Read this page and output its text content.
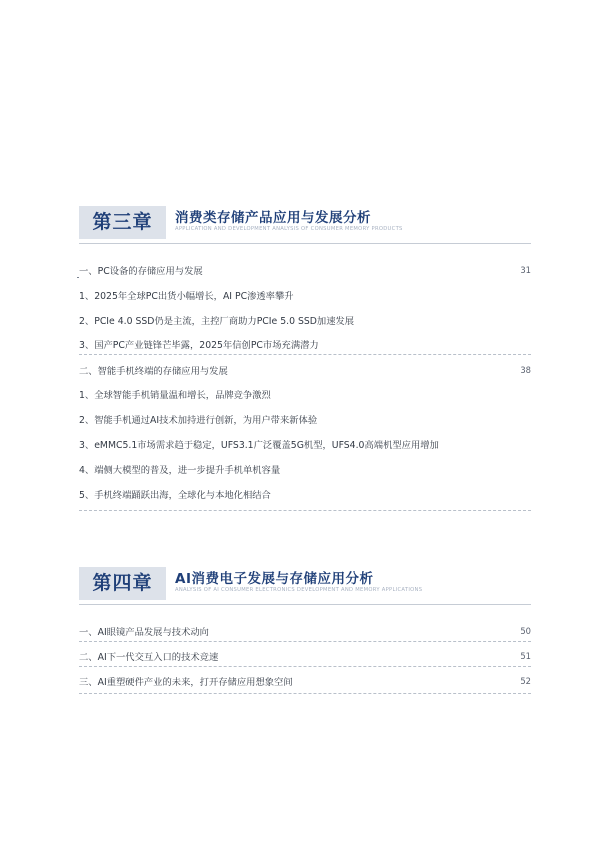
第三章	消费类存储产品应用与发展分析
APPLICATION AND DEVELOPMENT ANALYSIS OF CONSUMER MEMORY PRODUCTS
一、PC设备的存储应用与发展	31
1、2025年全球PC出货小幅增长，AI PC渗透率攀升
2、PCIe 4.0 SSD仍是主流，主控厂商助力PCIe 5.0 SSD加速发展
3、国产PC产业链锋芒毕露，2025年信创PC市场充满潜力
二、智能手机终端的存储应用与发展	38
1、全球智能手机销量温和增长，品牌竞争激烈
2、智能手机通过AI技术加持进行创新，为用户带来新体验
3、eMMC5.1市场需求趋于稳定，UFS3.1广泛覆盖5G机型，UFS4.0高端机型应用增加
4、端侧大模型的普及，进一步提升手机单机容量
5、手机终端踊跃出海，全球化与本地化相结合
第四章	AI消费电子发展与存储应用分析
ANALYSIS OF AI CONSUMER ELECTRONICS DEVELOPMENT AND MEMORY APPLICATIONS
一、AI眼镜产品发展与技术动向	50
二、AI下一代交互入口的技术竞速	51
三、AI重塑硬件产业的未来，打开存储应用想象空间	52
